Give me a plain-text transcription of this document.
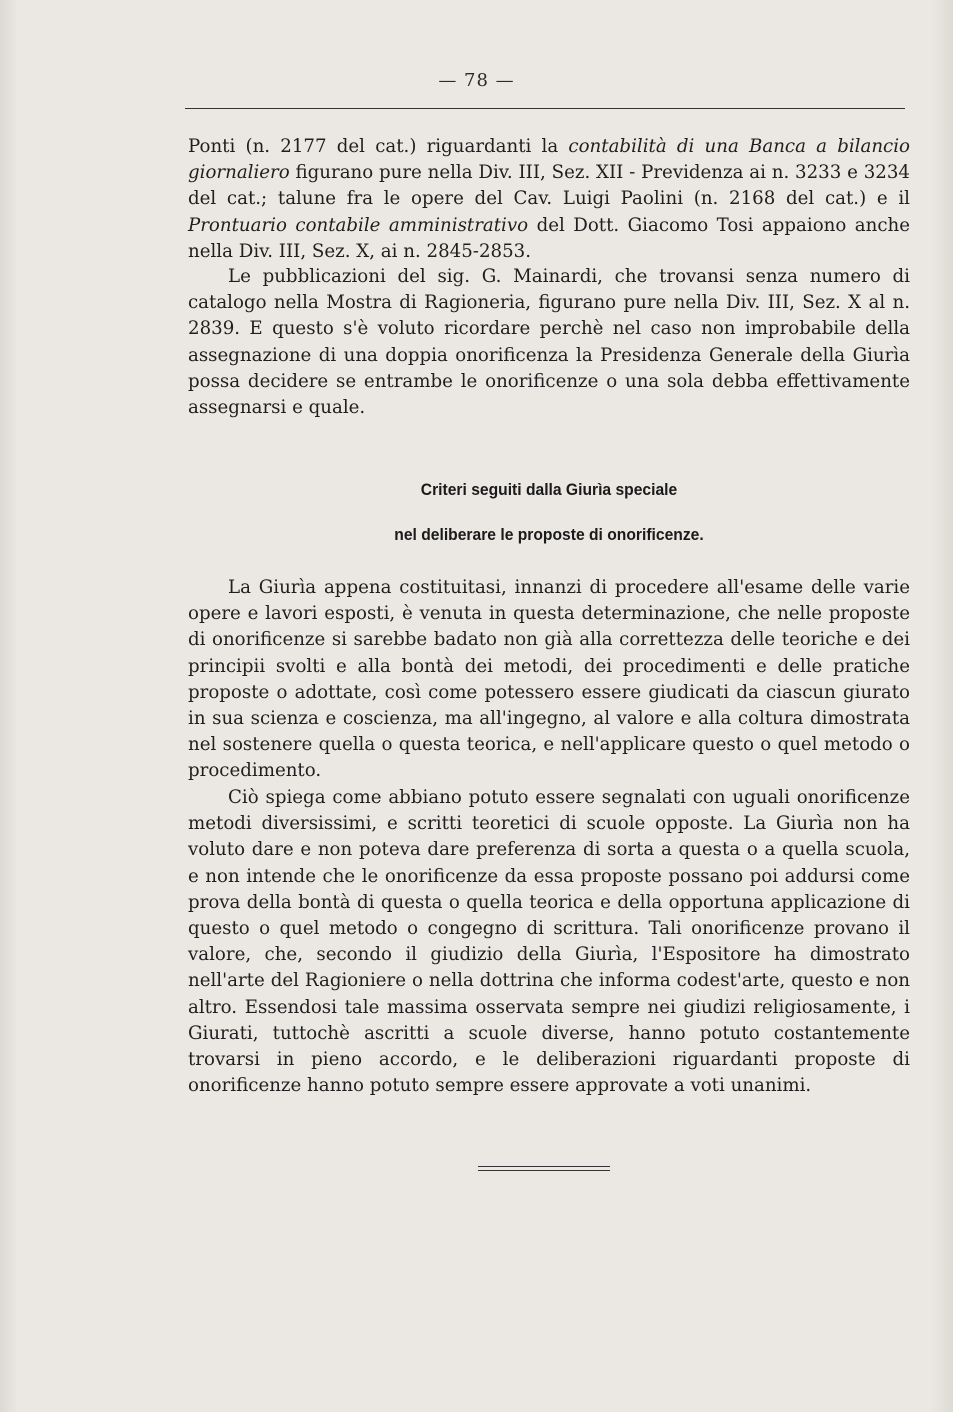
— 78 —

Ponti (n. 2177 del cat.) riguardanti la contabilità di una Banca a bilancio giornaliero figurano pure nella Div. III, Sez. XII - Previdenza ai n. 3233 e 3234 del cat.; talune fra le opere del Cav. Luigi Paolini (n. 2168 del cat.) e il Prontuario contabile amministrativo del Dott. Giacomo Tosi appaiono anche nella Div. III, Sez. X, ai n. 2845-2853.

Le pubblicazioni del sig. G. Mainardi, che trovansi senza numero di catalogo nella Mostra di Ragioneria, figurano pure nella Div. III, Sez. X al n. 2839. E questo s'è voluto ricordare perchè nel caso non improbabile della assegnazione di una doppia onorificenza la Presidenza Generale della Giurìa possa decidere se entrambe le onorificenze o una sola debba effettivamente assegnarsi e quale.

Criteri seguiti dalla Giurìa speciale
nel deliberare le proposte di onorificenze.

La Giurìa appena costituitasi, innanzi di procedere all'esame delle varie opere e lavori esposti, è venuta in questa determinazione, che nelle proposte di onorificenze si sarebbe badato non già alla correttezza delle teoriche e dei principii svolti e alla bontà dei metodi, dei procedimenti e delle pratiche proposte o adottate, così come potessero essere giudicati da ciascun giurato in sua scienza e coscienza, ma all'ingegno, al valore e alla coltura dimostrata nel sostenere quella o questa teorica, e nell'applicare questo o quel metodo o procedimento.

Ciò spiega come abbiano potuto essere segnalati con uguali onorificenze metodi diversissimi, e scritti teoretici di scuole opposte. La Giurìa non ha voluto dare e non poteva dare preferenza di sorta a questa o a quella scuola, e non intende che le onorificenze da essa proposte possano poi addursi come prova della bontà di questa o quella teorica e della opportuna applicazione di questo o quel metodo o congegno di scrittura. Tali onorificenze provano il valore, che, secondo il giudizio della Giurìa, l'Espositore ha dimostrato nell'arte del Ragioniere o nella dottrina che informa codest'arte, questo e non altro. Essendosi tale massima osservata sempre nei giudizi religiosamente, i Giurati, tuttochè ascritti a scuole diverse, hanno potuto costantemente trovarsi in pieno accordo, e le deliberazioni riguardanti proposte di onorificenze hanno potuto sempre essere approvate a voti unanimi.
